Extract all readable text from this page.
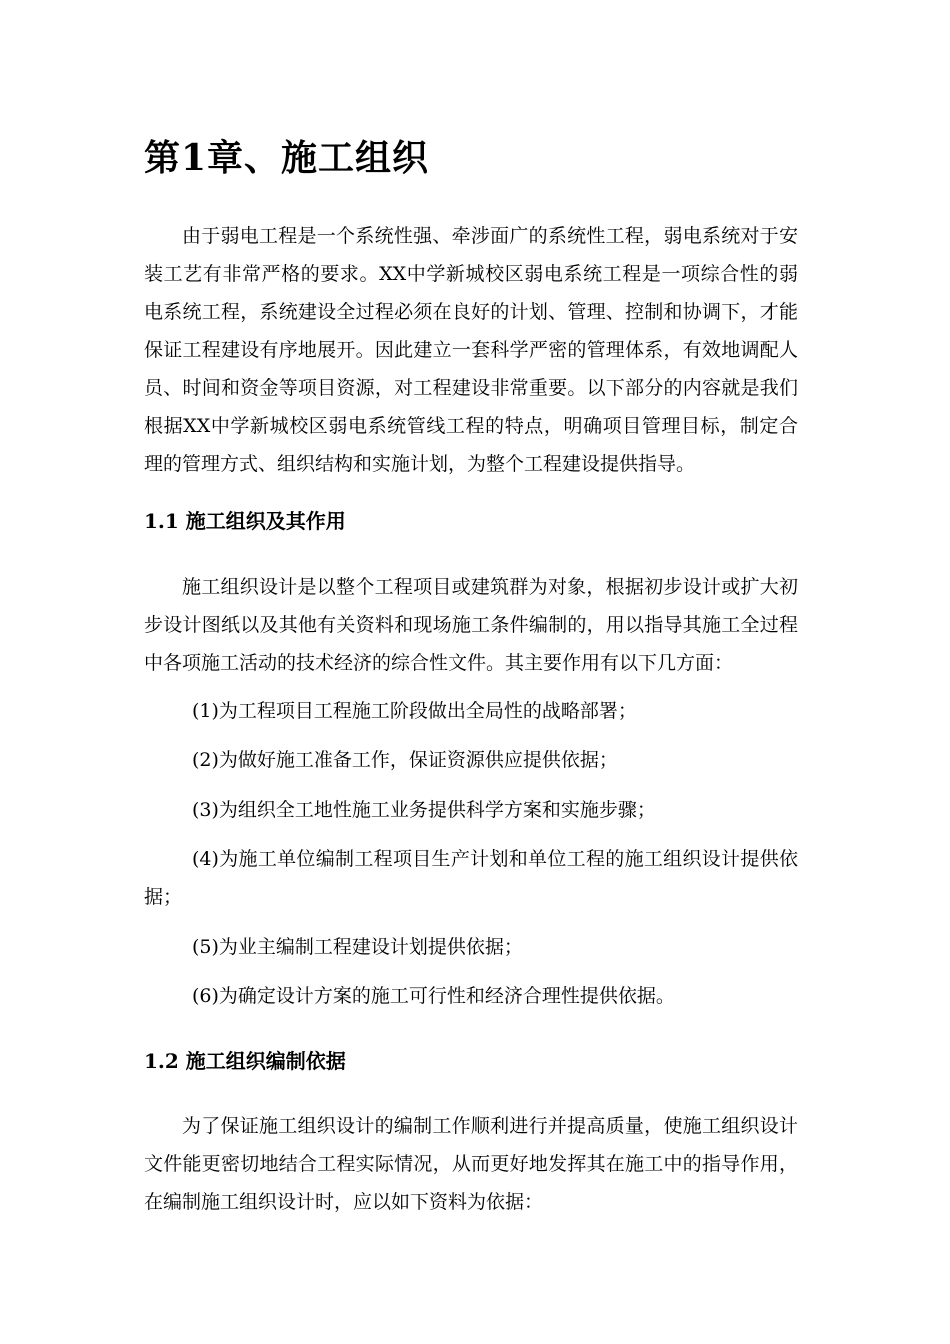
第1章、施工组织

由于弱电工程是一个系统性强、牵涉面广的系统性工程，弱电系统对于安装工艺有非常严格的要求。XX中学新城校区弱电系统工程是一项综合性的弱电系统工程，系统建设全过程必须在良好的计划、管理、控制和协调下，才能保证工程建设有序地展开。因此建立一套科学严密的管理体系，有效地调配人员、时间和资金等项目资源，对工程建设非常重要。以下部分的内容就是我们根据XX中学新城校区弱电系统管线工程的特点，明确项目管理目标，制定合理的管理方式、组织结构和实施计划，为整个工程建设提供指导。

1.1 施工组织及其作用

施工组织设计是以整个工程项目或建筑群为对象，根据初步设计或扩大初步设计图纸以及其他有关资料和现场施工条件编制的，用以指导其施工全过程中各项施工活动的技术经济的综合性文件。其主要作用有以下几方面：

(1)为工程项目工程施工阶段做出全局性的战略部署；

(2)为做好施工准备工作，保证资源供应提供依据；

(3)为组织全工地性施工业务提供科学方案和实施步骤；

(4)为施工单位编制工程项目生产计划和单位工程的施工组织设计提供依据；

(5)为业主编制工程建设计划提供依据；

(6)为确定设计方案的施工可行性和经济合理性提供依据。

1.2 施工组织编制依据

为了保证施工组织设计的编制工作顺利进行并提高质量，使施工组织设计文件能更密切地结合工程实际情况，从而更好地发挥其在施工中的指导作用，在编制施工组织设计时，应以如下资料为依据：
